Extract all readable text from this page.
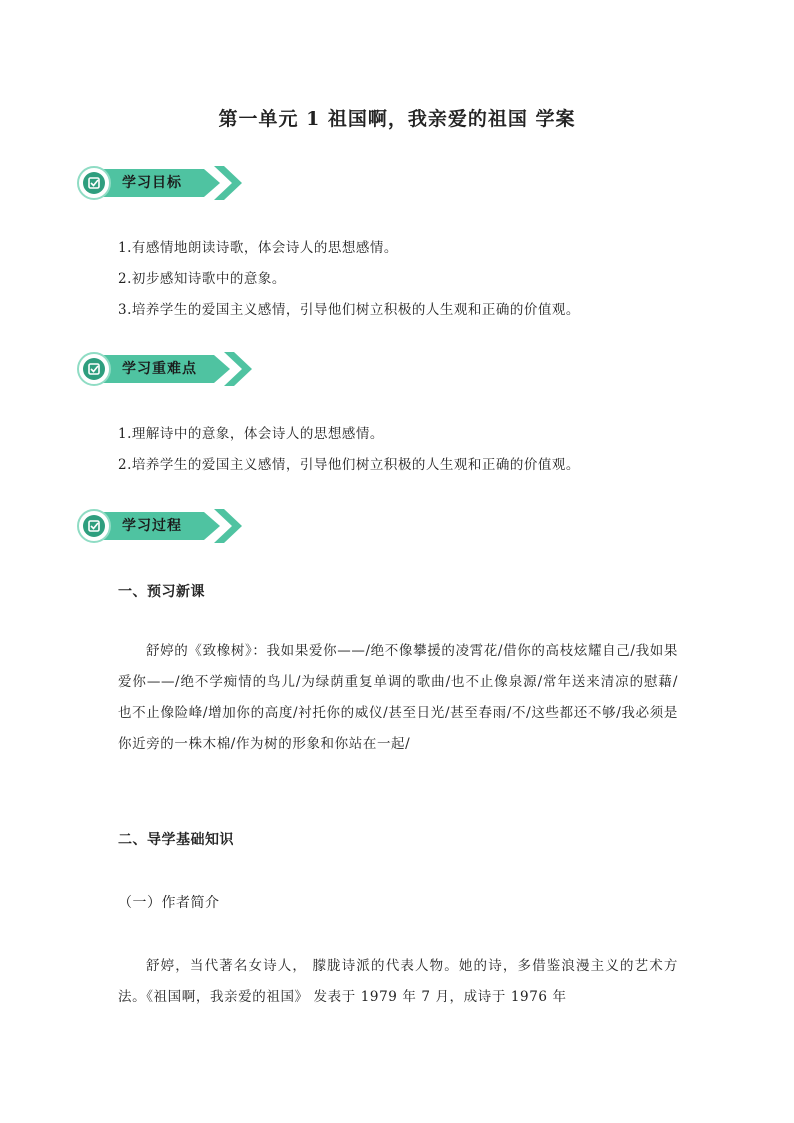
第一单元 1 祖国啊，我亲爱的祖国 学案
学习目标
1.有感情地朗读诗歌，体会诗人的思想感情。
2.初步感知诗歌中的意象。
3.培养学生的爱国主义感情，引导他们树立积极的人生观和正确的价值观。
学习重难点
1.理解诗中的意象，体会诗人的思想感情。
2.培养学生的爱国主义感情，引导他们树立积极的人生观和正确的价值观。
学习过程
一、预习新课

舒婷的《致橡树》：我如果爱你——/绝不像攀援的凌霄花/借你的高枝炫耀自己/我如果爱你——/绝不学痴情的鸟儿/为绿荫重复单调的歌曲/也不止像泉源/常年送来清凉的慰藉/也不止像险峰/增加你的高度/衬托你的威仪/甚至日光/甚至春雨/不/这些都还不够/我必须是你近旁的一株木棉/作为树的形象和你站在一起/

二、导学基础知识
（一）作者简介

舒婷，当代著名女诗人， 朦胧诗派的代表人物。她的诗，多借鉴浪漫主义的艺术方法。《祖国啊，我亲爱的祖国》 发表于 1979 年 7 月，成诗于 1976 年
